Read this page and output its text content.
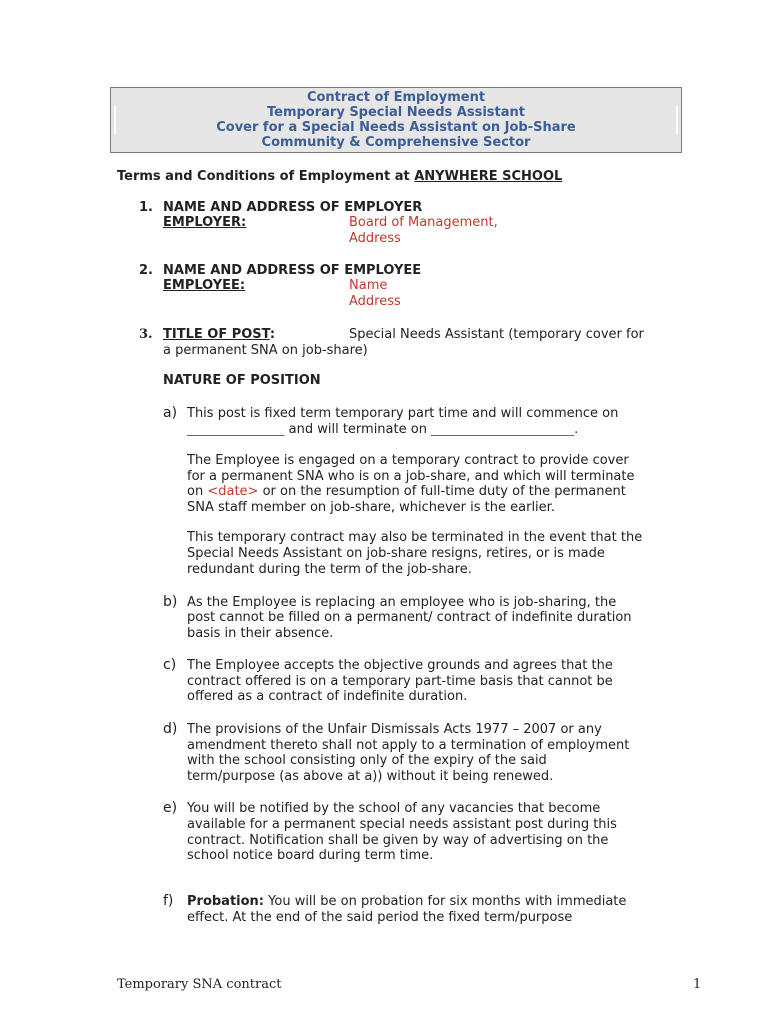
Contract of Employment
Temporary Special Needs Assistant
Cover for a Special Needs Assistant on Job-Share
Community & Comprehensive Sector
Terms and Conditions of Employment at ANYWHERE SCHOOL
1. NAME AND ADDRESS OF EMPLOYER
EMPLOYER:	Board of Management,
Address
2. NAME AND ADDRESS OF EMPLOYEE
EMPLOYEE:	Name
Address
3. TITLE OF POST:	Special Needs Assistant (temporary cover for
a permanent SNA on job-share)
NATURE OF POSITION
a) This post is fixed term temporary part time and will commence on
_______________ and will terminate on ______________________.
The Employee is engaged on a temporary contract to provide cover
for a permanent SNA who is on a job-share, and which will terminate
on <date> or on the resumption of full-time duty of the permanent
SNA staff member on job-share, whichever is the earlier.
This temporary contract may also be terminated in the event that the
Special Needs Assistant on job-share resigns, retires, or is made
redundant during the term of the job-share.
b) As the Employee is replacing an employee who is job-sharing, the
post cannot be filled on a permanent/ contract of indefinite duration
basis in their absence.
c) The Employee accepts the objective grounds and agrees that the
contract offered is on a temporary part-time basis that cannot be
offered as a contract of indefinite duration.
d) The provisions of the Unfair Dismissals Acts 1977 – 2007 or any
amendment thereto shall not apply to a termination of employment
with the school consisting only of the expiry of the said
term/purpose (as above at a)) without it being renewed.
e) You will be notified by the school of any vacancies that become
available for a permanent special needs assistant post during this
contract. Notification shall be given by way of advertising on the
school notice board during term time.
f) Probation: You will be on probation for six months with immediate
effect. At the end of the said period the fixed term/purpose
Temporary SNA contract	1
